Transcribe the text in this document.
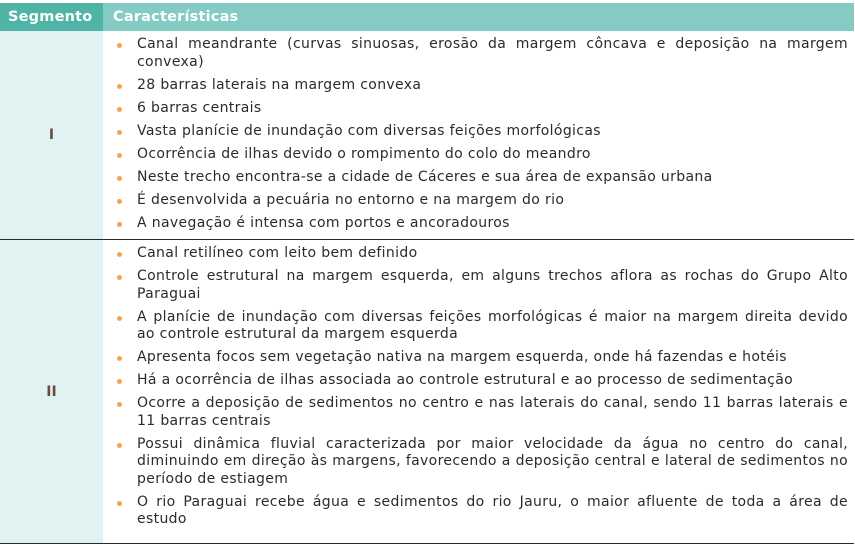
Segmento	Características
I
Canal meandrante (curvas sinuosas, erosão da margem côncava e deposição na margem convexa)
28 barras laterais na margem convexa
6 barras centrais
Vasta planície de inundação com diversas feições morfológicas
Ocorrência de ilhas devido o rompimento do colo do meandro
Neste trecho encontra-se a cidade de Cáceres e sua área de expansão urbana
É desenvolvida a pecuária no entorno e na margem do rio
A navegação é intensa com portos e ancoradouros
II
Canal retilíneo com leito bem definido
Controle estrutural na margem esquerda, em alguns trechos aflora as rochas do Grupo Alto Paraguai
A planície de inundação com diversas feições morfológicas é maior na margem direita devido ao controle estrutural da margem esquerda
Apresenta focos sem vegetação nativa na margem esquerda, onde há fazendas e hotéis
Há a ocorrência de ilhas associada ao controle estrutural e ao processo de sedimentação
Ocorre a deposição de sedimentos no centro e nas laterais do canal, sendo 11 barras laterais e 11 barras centrais
Possui dinâmica fluvial caracterizada por maior velocidade da água no centro do canal, diminuindo em direção às margens, favorecendo a deposição central e lateral de sedimentos no período de estiagem
O rio Paraguai recebe água e sedimentos do rio Jauru, o maior afluente de toda a área de estudo
